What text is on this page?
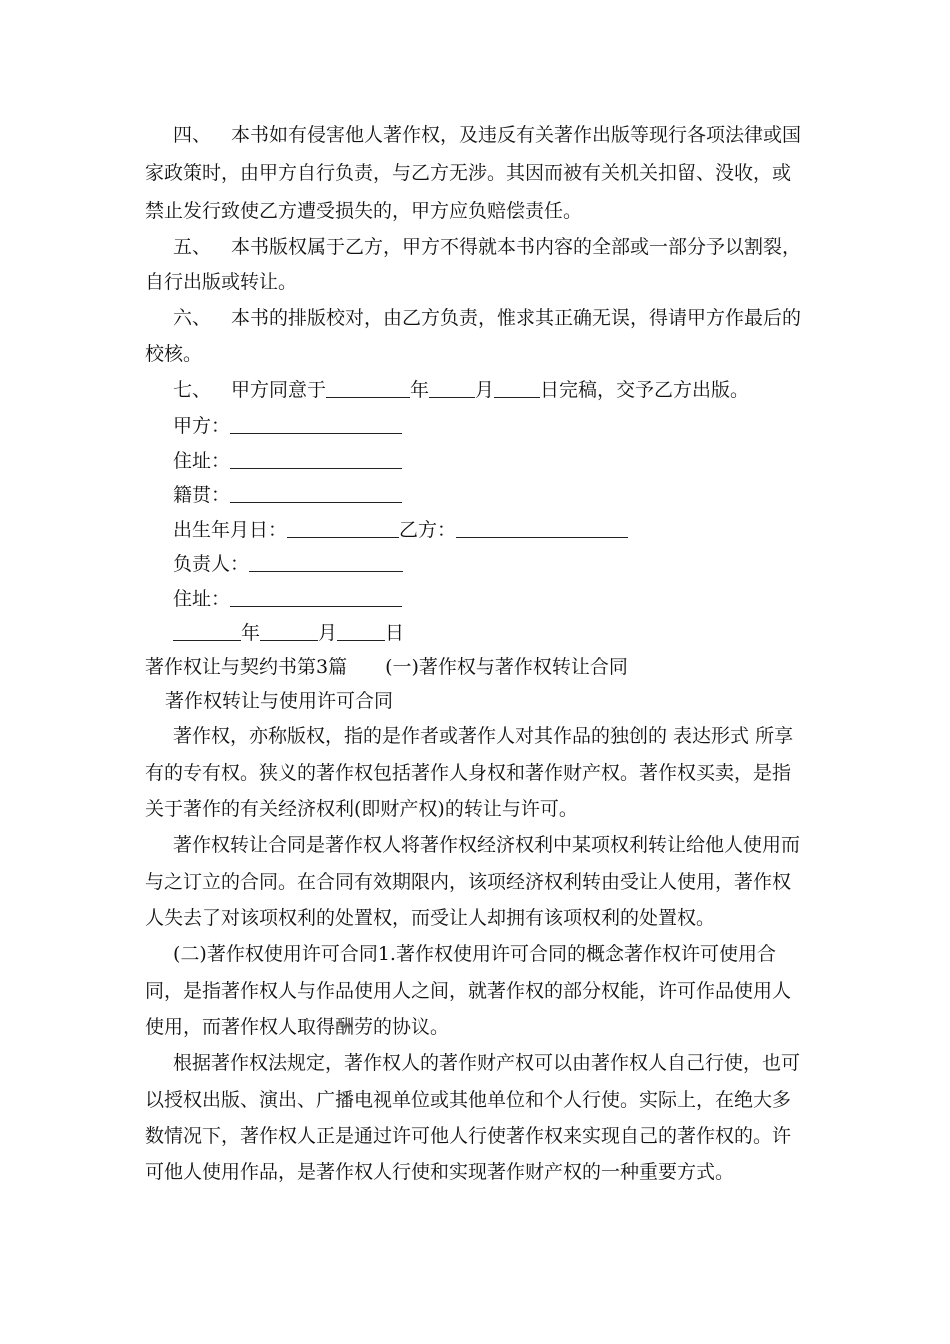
四、 本书如有侵害他人著作权，及违反有关著作出版等现行各项法律或国
家政策时，由甲方自行负责，与乙方无涉。其因而被有关机关扣留、没收，或
禁止发行致使乙方遭受损失的，甲方应负赔偿责任。
五、 本书版权属于乙方，甲方不得就本书内容的全部或一部分予以割裂，
自行出版或转让。
六、 本书的排版校对，由乙方负责，惟求其正确无误，得请甲方作最后的
校核。
七、 甲方同意于	年 月 日完稿，交予乙方出版。
甲方：
住址：
籍贯：
出生年月日：	乙方：
负责人：
住址：
年	月	日
著作权让与契约书第3篇 (一)著作权与著作权转让合同
著作权转让与使用许可合同
著作权，亦称版权，指的是作者或著作人对其作品的独创的 表达形式 所享
有的专有权。狭义的著作权包括著作人身权和著作财产权。著作权买卖，是指
关于著作的有关经济权利(即财产权)的转让与许可。
著作权转让合同是著作权人将著作权经济权利中某项权利转让给他人使用而
与之订立的合同。在合同有效期限内，该项经济权利转由受让人使用，著作权
人失去了对该项权利的处置权，而受让人却拥有该项权利的处置权。
(二)著作权使用许可合同1.著作权使用许可合同的概念著作权许可使用合
同，是指著作权人与作品使用人之间，就著作权的部分权能，许可作品使用人
使用，而著作权人取得酬劳的协议。
根据著作权法规定，著作权人的著作财产权可以由著作权人自己行使，也可
以授权出版、演出、广播电视单位或其他单位和个人行使。实际上，在绝大多
数情况下，著作权人正是通过许可他人行使著作权来实现自己的著作权的。许
可他人使用作品，是著作权人行使和实现著作财产权的一种重要方式。
